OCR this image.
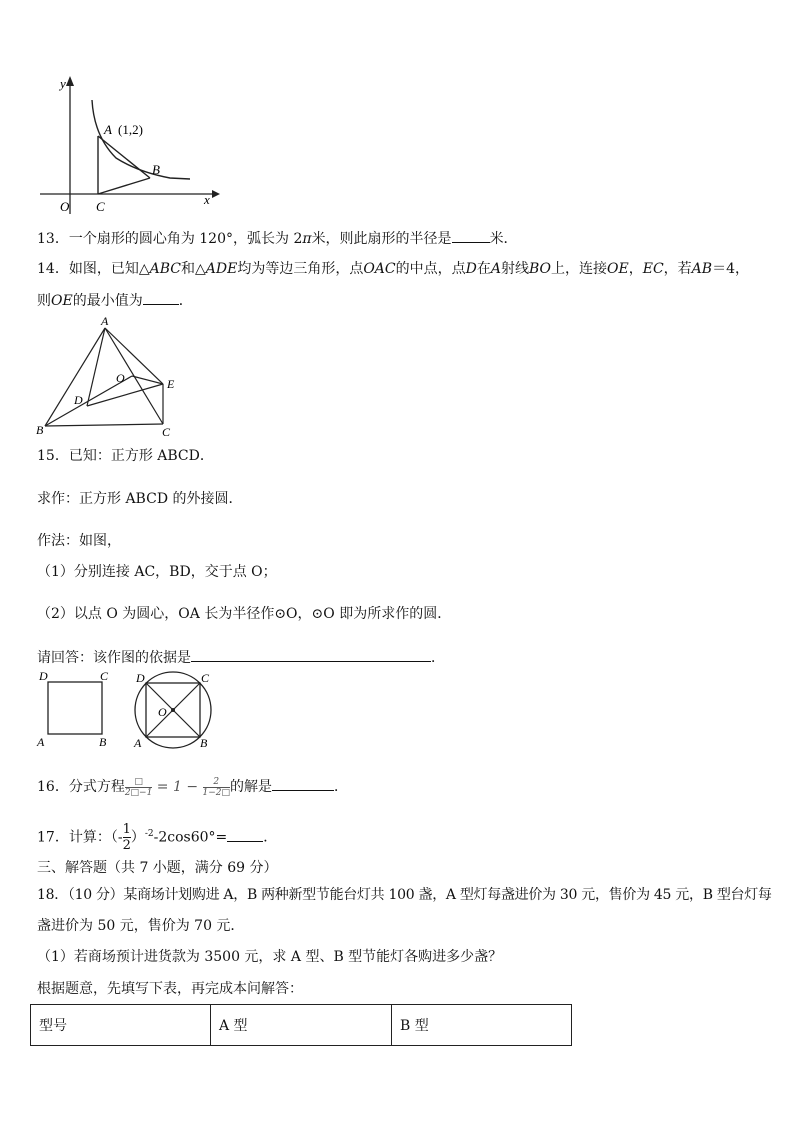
y
x
O
A (1,2)
B
C
13．一个扇形的圆心角为 120°，弧长为 2π米，则此扇形的半径是	米．
14．如图，已知△ABC和△ADE均为等边三角形，点OAC的中点，点D在A射线BO上，连接OE，EC，若AB＝4，
则OE的最小值为	．
A
O	E
D
B	C
15．已知：正方形 ABCD．
求作：正方形 ABCD 的外接圆．
作法：如图，
（1）分别连接 AC，BD，交于点 O；
（2）以点 O 为圆心，OA 长为半径作⊙O，⊙O 即为所求作的圆．
请回答：该作图的依据是	．
D	C
A	B
D	C
O
A	B
16．分式方程	□
2□−1 = $1 - \frac{2}{1-2□}$ 的解是	．
17．计算：（- $\frac{1}{2} )^{-2}-2\cos 60^\circ=$	．
三、解答题（共 7 小题，满分 69 分）
18．（10 分）某商场计划购进 A，B 两种新型节能台灯共 100 盏，A 型灯每盏进价为 30 元，售价为 45 元，B 型台灯每
盏进价为 50 元，售价为 70 元．
（1）若商场预计进货款为 3500 元，求 A 型、B 型节能灯各购进多少盏？
根据题意，先填写下表，再完成本问解答：
型号	A 型	B 型
